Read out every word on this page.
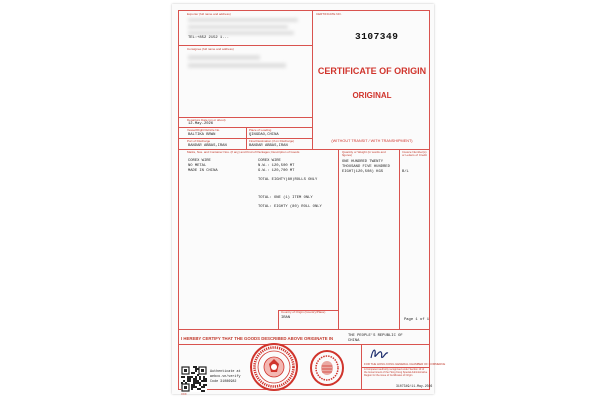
Exporter (full name and address)
TEL:+852 2152 1...
Consignee (full name and address)
CERTIFICATE NO.
3107349
CERTIFICATE OF ORIGIN
ORIGINAL
(WITHOUT TRANSIT / WITH TRANSHIPMENT)
Departure Date (on or about)
12-May-2026
Vessel/Flight/Vehicle No.
BALTIKA BRWN
Place of Loading
QINGDAO,CHINA
Port of Discharge
BANDAR ABBAS,IRAN
Final Destination (if on Discharge)
BANDAR ABBAS,IRAN
Marks, Nos. and Container Nos. (if any) and Kind of Packages; Description of Goods
COREX WIRE
NO METAL
MADE IN CHINA
COREX WIRE
N.W.: 120,500 MT
G.W.: 120,700 MT
TOTAL EIGHTY(80)ROLLS ONLY
TOTAL: ONE (1) ITEM ONLY
TOTAL: EIGHTY (80) ROLL ONLY
Quantity or Weight (in words and figures)
ONE HUNDRED TWENTY
THOUSAND FIVE HUNDRED
EIGHT(120,508) KGS
Invoice Number(s) or Letters of Credit
B/L
Country of Origin (Country/Place)
IRAN	Page 1 of 1
I HEREBY CERTIFY THAT THE GOODS DESCRIBED ABOVE ORIGINATE IN	THE PEOPLE'S REPUBLIC OF
CHINA
Authenticate at
webco.vn/verify
Code 31086982
FOR THE HONG KONG GENERAL CHAMBER OF COMMERCE
A Competent authority recognised under Section 10 of the Government of the Hong Kong Special Administrative Region for the issue of Certificates of Origin
3107349/11-May-2026
XXX
